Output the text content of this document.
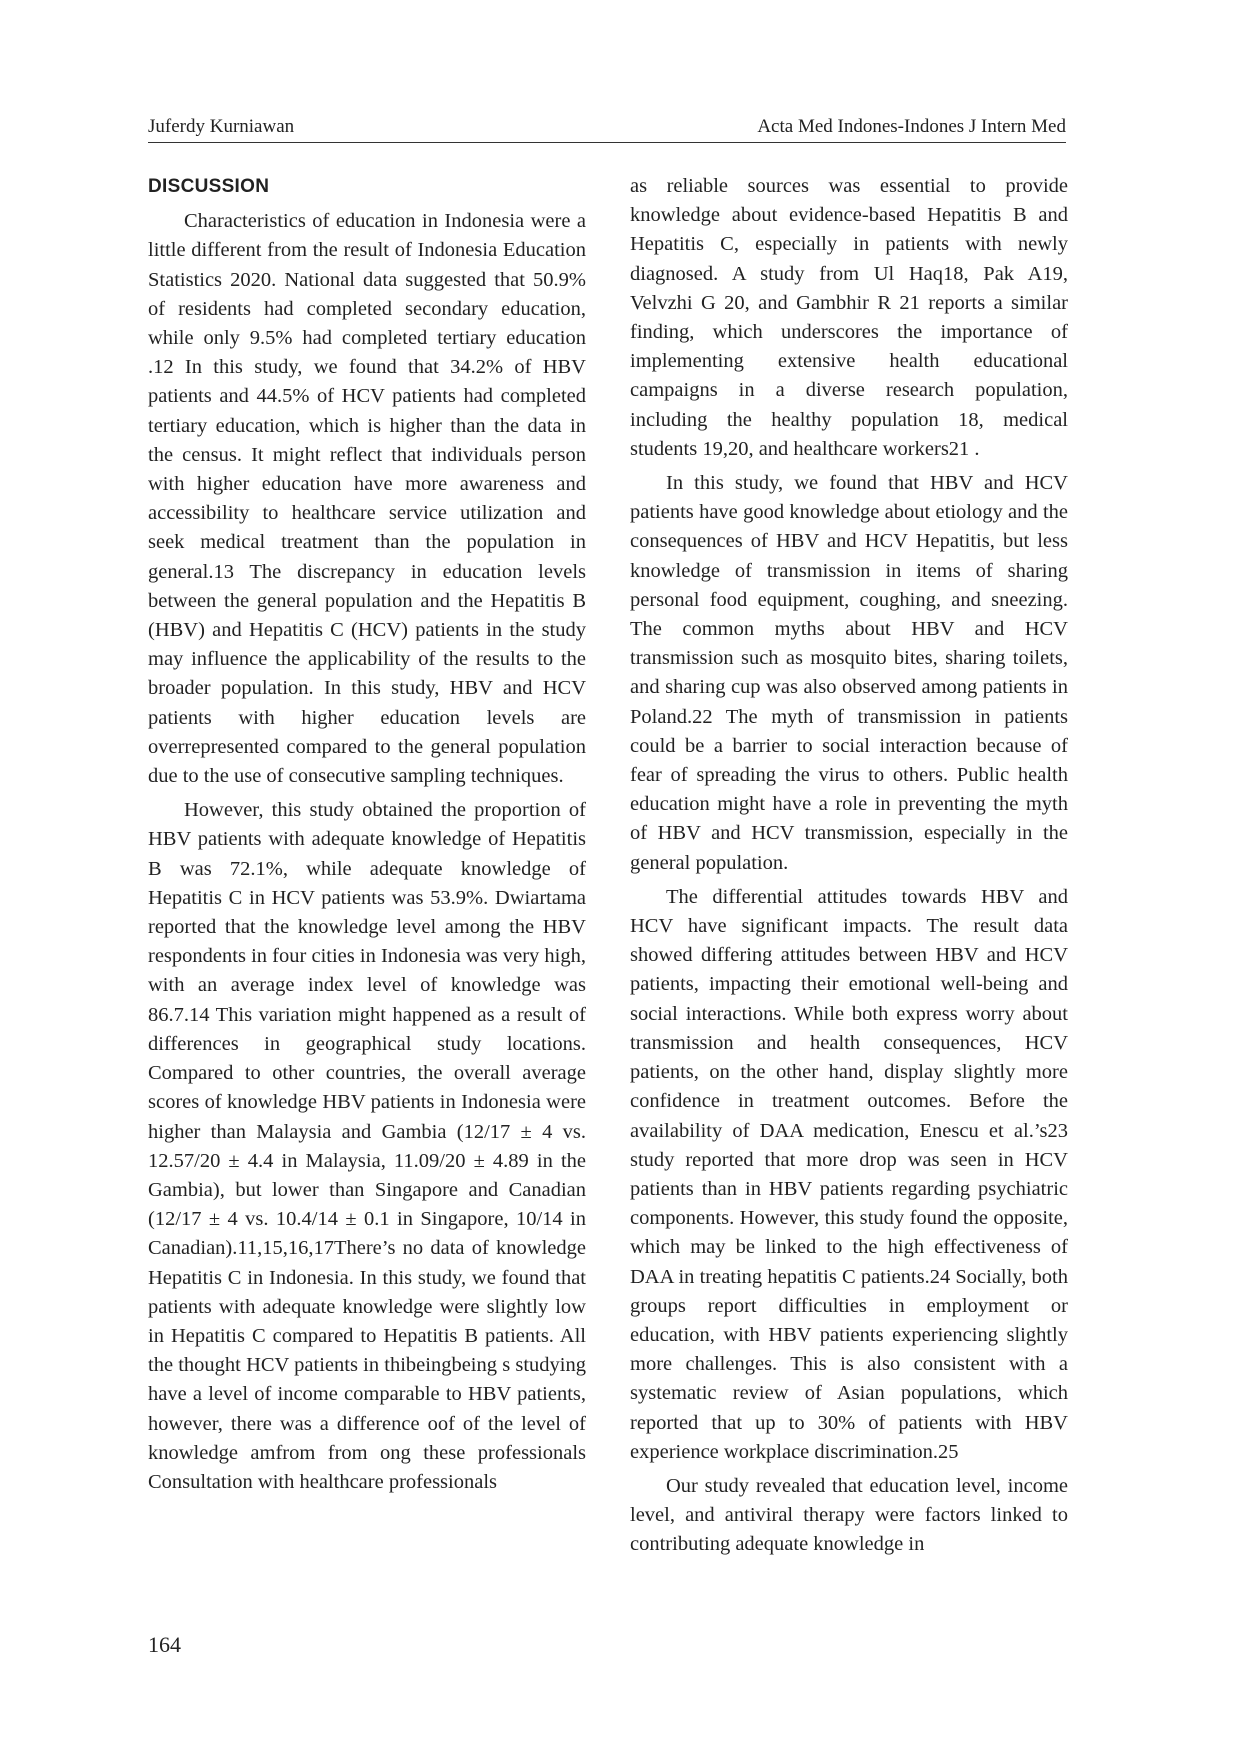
Juferdy Kurniawan	Acta Med Indones-Indones J Intern Med
DISCUSSION

Characteristics of education in Indonesia were a little different from the result of Indonesia Education Statistics 2020. National data suggested that 50.9% of residents had completed secondary education, while only 9.5% had completed tertiary education .12 In this study, we found that 34.2% of HBV patients and 44.5% of HCV patients had completed tertiary education, which is higher than the data in the census. It might reflect that individuals person with higher education have more awareness and accessibility to healthcare service utilization and seek medical treatment than the population in general.13 The discrepancy in education levels between the general population and the Hepatitis B (HBV) and Hepatitis C (HCV) patients in the study may influence the applicability of the results to the broader population. In this study, HBV and HCV patients with higher education levels are overrepresented compared to the general population due to the use of consecutive sampling techniques.

However, this study obtained the proportion of HBV patients with adequate knowledge of Hepatitis B was 72.1%, while adequate knowledge of Hepatitis C in HCV patients was 53.9%. Dwiartama reported that the knowledge level among the HBV respondents in four cities in Indonesia was very high, with an average index level of knowledge was 86.7.14 This variation might happened as a result of differences in geographical study locations. Compared to other countries, the overall average scores of knowledge HBV patients in Indonesia were higher than Malaysia and Gambia (12/17 ± 4 vs. 12.57/20 ± 4.4 in Malaysia, 11.09/20 ± 4.89 in the Gambia), but lower than Singapore and Canadian (12/17 ± 4 vs. 10.4/14 ± 0.1 in Singapore, 10/14 in Canadian).11,15,16,17There’s no data of knowledge Hepatitis C in Indonesia. In this study, we found that patients with adequate knowledge were slightly low in Hepatitis C compared to Hepatitis B patients. All the thought HCV patients in thibeingbeing s studying have a level of income comparable to HBV patients, however, there was a difference oof of the level of knowledge amfrom from ong these professionals Consultation with healthcare professionals

as reliable sources was essential to provide knowledge about evidence-based Hepatitis B and Hepatitis C, especially in patients with newly diagnosed. A study from Ul Haq18, Pak A19, Velvzhi G 20, and Gambhir R 21 reports a similar finding, which underscores the importance of implementing extensive health educational campaigns in a diverse research population, including the healthy population 18, medical students 19,20, and healthcare workers21 .

In this study, we found that HBV and HCV patients have good knowledge about etiology and the consequences of HBV and HCV Hepatitis, but less knowledge of transmission in items of sharing personal food equipment, coughing, and sneezing. The common myths about HBV and HCV transmission such as mosquito bites, sharing toilets, and sharing cup was also observed among patients in Poland.22 The myth of transmission in patients could be a barrier to social interaction because of fear of spreading the virus to others. Public health education might have a role in preventing the myth of HBV and HCV transmission, especially in the general population.

The differential attitudes towards HBV and HCV have significant impacts. The result data showed differing attitudes between HBV and HCV patients, impacting their emotional well-being and social interactions. While both express worry about transmission and health consequences, HCV patients, on the other hand, display slightly more confidence in treatment outcomes. Before the availability of DAA medication, Enescu et al.’s23 study reported that more drop was seen in HCV patients than in HBV patients regarding psychiatric components. However, this study found the opposite, which may be linked to the high effectiveness of DAA in treating hepatitis C patients.24 Socially, both groups report difficulties in employment or education, with HBV patients experiencing slightly more challenges. This is also consistent with a systematic review of Asian populations, which reported that up to 30% of patients with HBV experience workplace discrimination.25

Our study revealed that education level, income level, and antiviral therapy were factors linked to contributing adequate knowledge in

164
